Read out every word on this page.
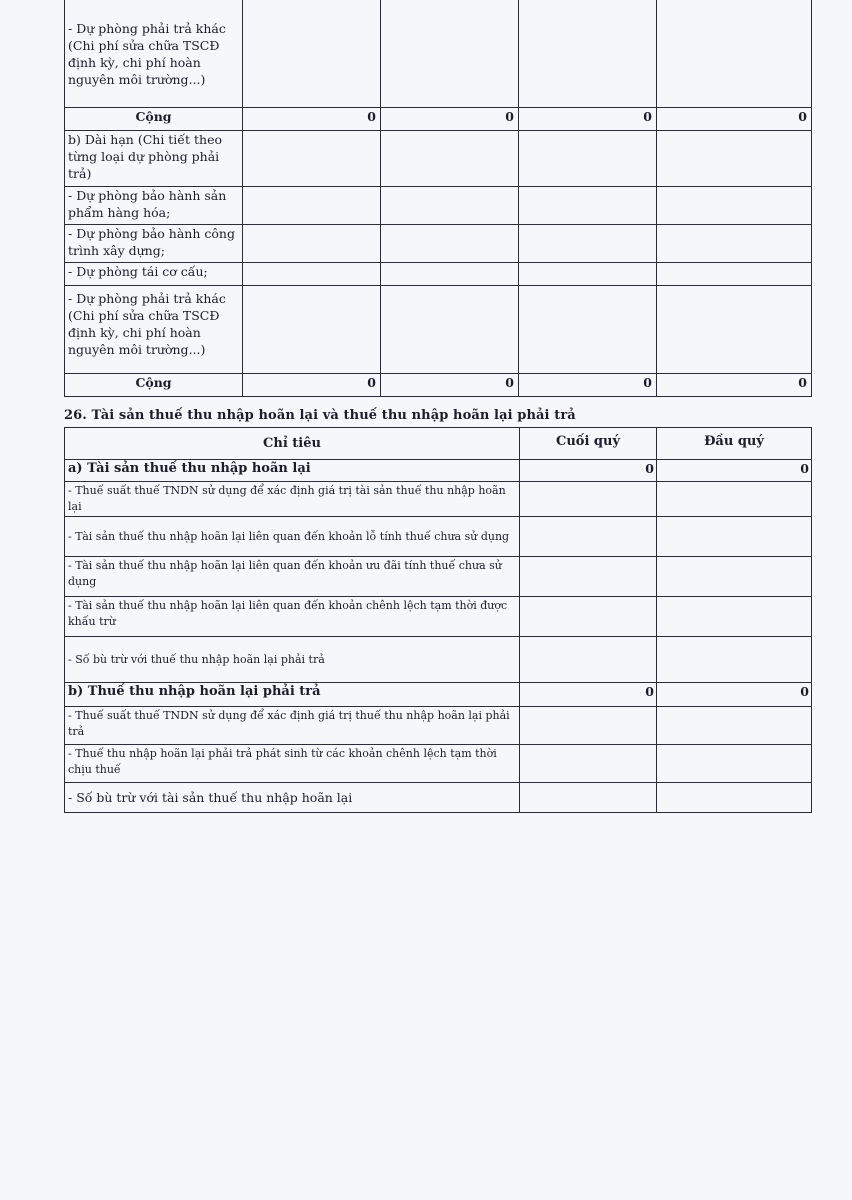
- Dự phòng phải trả khác (Chi phí sửa chữa TSCĐ định kỳ, chi phí hoàn nguyên môi trường...)				
Cộng	0	0	0	0
b) Dài hạn (Chi tiết theo từng loại dự phòng phải trả)				
- Dự phòng bảo hành sản phẩm hàng hóa;				
- Dự phòng bảo hành công trình xây dựng;				
- Dự phòng tái cơ cấu;				
- Dự phòng phải trả khác (Chi phí sửa chữa TSCĐ định kỳ, chi phí hoàn nguyên môi trường...)				
Cộng	0	0	0	0
26. Tài sản thuế thu nhập hoãn lại và thuế thu nhập hoãn lại phải trả
Chỉ tiêu	Cuối quý	Đầu quý
a) Tài sản thuế thu nhập hoãn lại	0	0
- Thuế suất thuế TNDN sử dụng để xác định giá trị tài sản thuế thu nhập hoãn lại		
- Tài sản thuế thu nhập hoãn lại liên quan đến khoản lỗ tính thuế chưa sử dụng		
- Tài sản thuế thu nhập hoãn lại liên quan đến khoản ưu đãi tính thuế chưa sử dụng		
- Tài sản thuế thu nhập hoãn lại liên quan đến khoản chênh lệch tạm thời được khấu trừ		
- Số bù trừ với thuế thu nhập hoãn lại phải trả		
b) Thuế thu nhập hoãn lại phải trả	0	0
- Thuế suất thuế TNDN sử dụng để xác định giá trị thuế thu nhập hoãn lại phải trả		
- Thuế thu nhập hoãn lại phải trả phát sinh từ các khoản chênh lệch tạm thời chịu thuế		
- Số bù trừ với tài sản thuế thu nhập hoãn lại		
